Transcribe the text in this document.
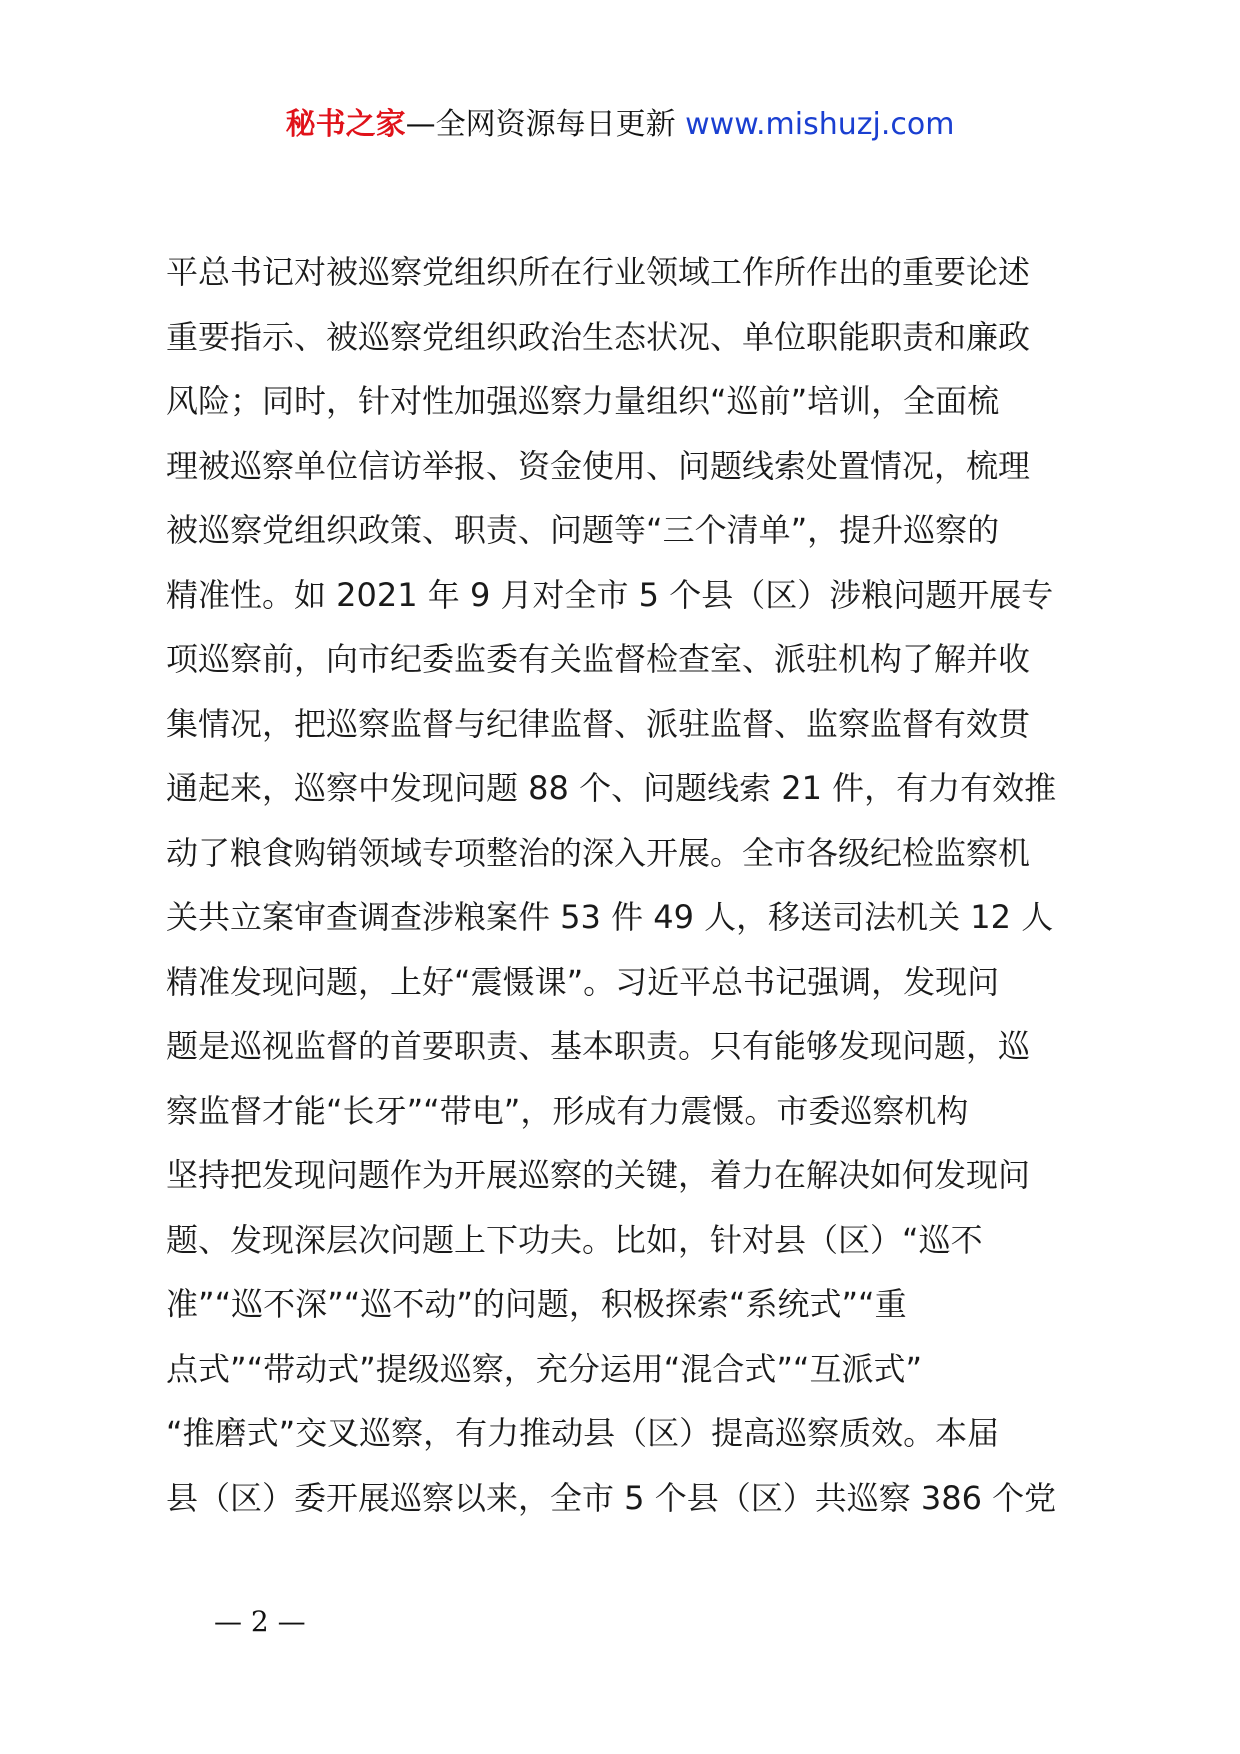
秘书之家—全网资源每日更新 www.mishuzj.com
平总书记对被巡察党组织所在行业领域工作所作出的重要论述
重要指示、被巡察党组织政治生态状况、单位职能职责和廉政
风险；同时，针对性加强巡察力量组织“巡前”培训，全面梳
理被巡察单位信访举报、资金使用、问题线索处置情况，梳理
被巡察党组织政策、职责、问题等“三个清单”，提升巡察的
精准性。如 2021 年 9 月对全市 5 个县（区）涉粮问题开展专
项巡察前，向市纪委监委有关监督检查室、派驻机构了解并收
集情况，把巡察监督与纪律监督、派驻监督、监察监督有效贯
通起来，巡察中发现问题 88 个、问题线索 21 件，有力有效推
动了粮食购销领域专项整治的深入开展。全市各级纪检监察机
关共立案审查调查涉粮案件 53 件 49 人，移送司法机关 12 人
精准发现问题，上好“震慑课”。习近平总书记强调，发现问
题是巡视监督的首要职责、基本职责。只有能够发现问题，巡
察监督才能“长牙”“带电”，形成有力震慑。市委巡察机构
坚持把发现问题作为开展巡察的关键，着力在解决如何发现问
题、发现深层次问题上下功夫。比如，针对县（区）“巡不
准”“巡不深”“巡不动”的问题，积极探索“系统式”“重
点式”“带动式”提级巡察，充分运用“混合式”“互派式”
“推磨式”交叉巡察，有力推动县（区）提高巡察质效。本届
县（区）委开展巡察以来，全市 5 个县（区）共巡察 386 个党
— 2 —
